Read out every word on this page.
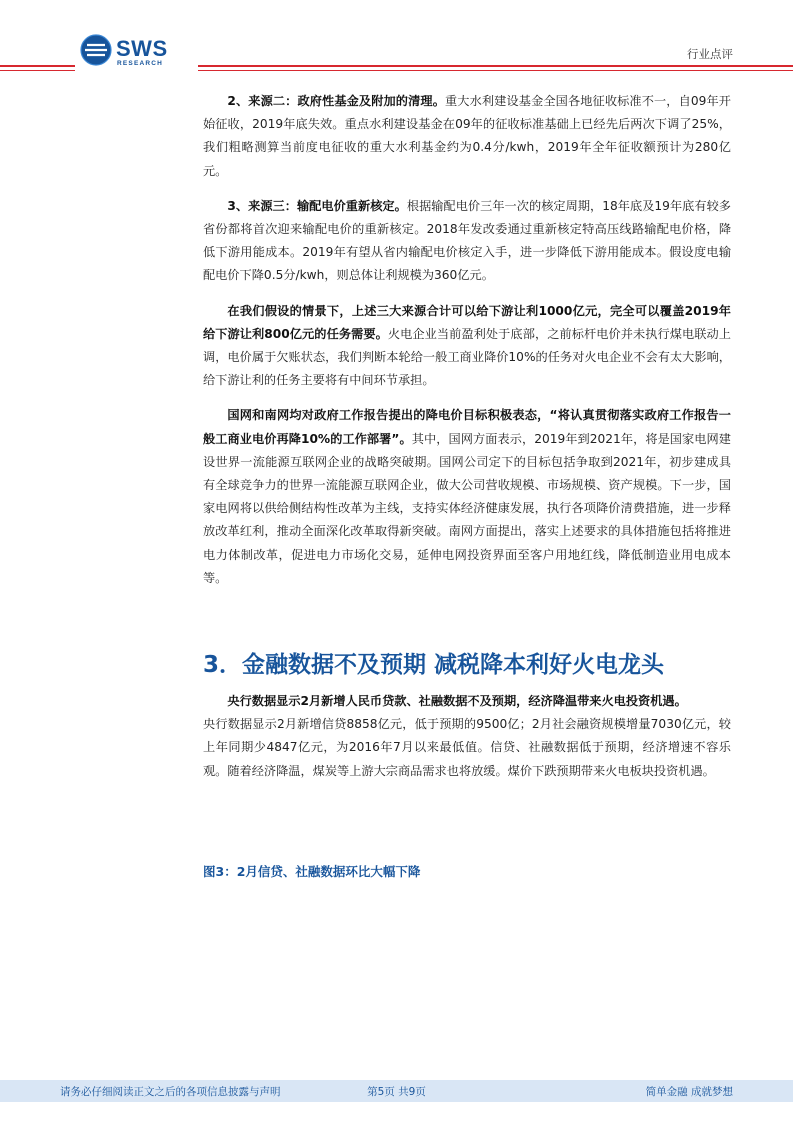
SWS
RESEARCH
行业点评

2、来源二：政府性基金及附加的清理。重大水利建设基金全国各地征收标准不一，自09年开始征收，2019年底失效。重点水利建设基金在09年的征收标准基础上已经先后两次下调了25%，我们粗略测算当前度电征收的重大水利基金约为0.4分/kwh，2019年全年征收额预计为280亿元。

3、来源三：输配电价重新核定。根据输配电价三年一次的核定周期，18年底及19年底有较多省份都将首次迎来输配电价的重新核定。2018年发改委通过重新核定特高压线路输配电价格，降低下游用能成本。2019年有望从省内输配电价核定入手，进一步降低下游用能成本。假设度电输配电价下降0.5分/kwh，则总体让利规模为360亿元。

在我们假设的情景下，上述三大来源合计可以给下游让利1000亿元，完全可以覆盖2019年给下游让利800亿元的任务需要。火电企业当前盈利处于底部，之前标杆电价并未执行煤电联动上调，电价属于欠账状态，我们判断本轮给一般工商业降价10%的任务对火电企业不会有太大影响，给下游让利的任务主要将有中间环节承担。

国网和南网均对政府工作报告提出的降电价目标积极表态，“将认真贯彻落实政府工作报告一般工商业电价再降10%的工作部署”。其中，国网方面表示，2019年到2021年，将是国家电网建设世界一流能源互联网企业的战略突破期。国网公司定下的目标包括争取到2021年，初步建成具有全球竞争力的世界一流能源互联网企业，做大公司营收规模、市场规模、资产规模。下一步，国家电网将以供给侧结构性改革为主线，支持实体经济健康发展，执行各项降价清费措施，进一步释放改革红利，推动全面深化改革取得新突破。南网方面提出，落实上述要求的具体措施包括将推进电力体制改革，促进电力市场化交易，延伸电网投资界面至客户用地红线，降低制造业用电成本等。

3．金融数据不及预期 减税降本利好火电龙头

央行数据显示2月新增人民币贷款、社融数据不及预期，经济降温带来火电投资机遇。
央行数据显示2月新增信贷8858亿元，低于预期的9500亿；2月社会融资规模增量7030亿元，较上年同期少4847亿元，为2016年7月以来最低值。信贷、社融数据低于预期，经济增速不容乐观。随着经济降温，煤炭等上游大宗商品需求也将放缓。煤价下跌预期带来火电板块投资机遇。

图3：2月信贷、社融数据环比大幅下降
请务必仔细阅读正文之后的各项信息披露与声明	第5页 共9页	简单金融 成就梦想
